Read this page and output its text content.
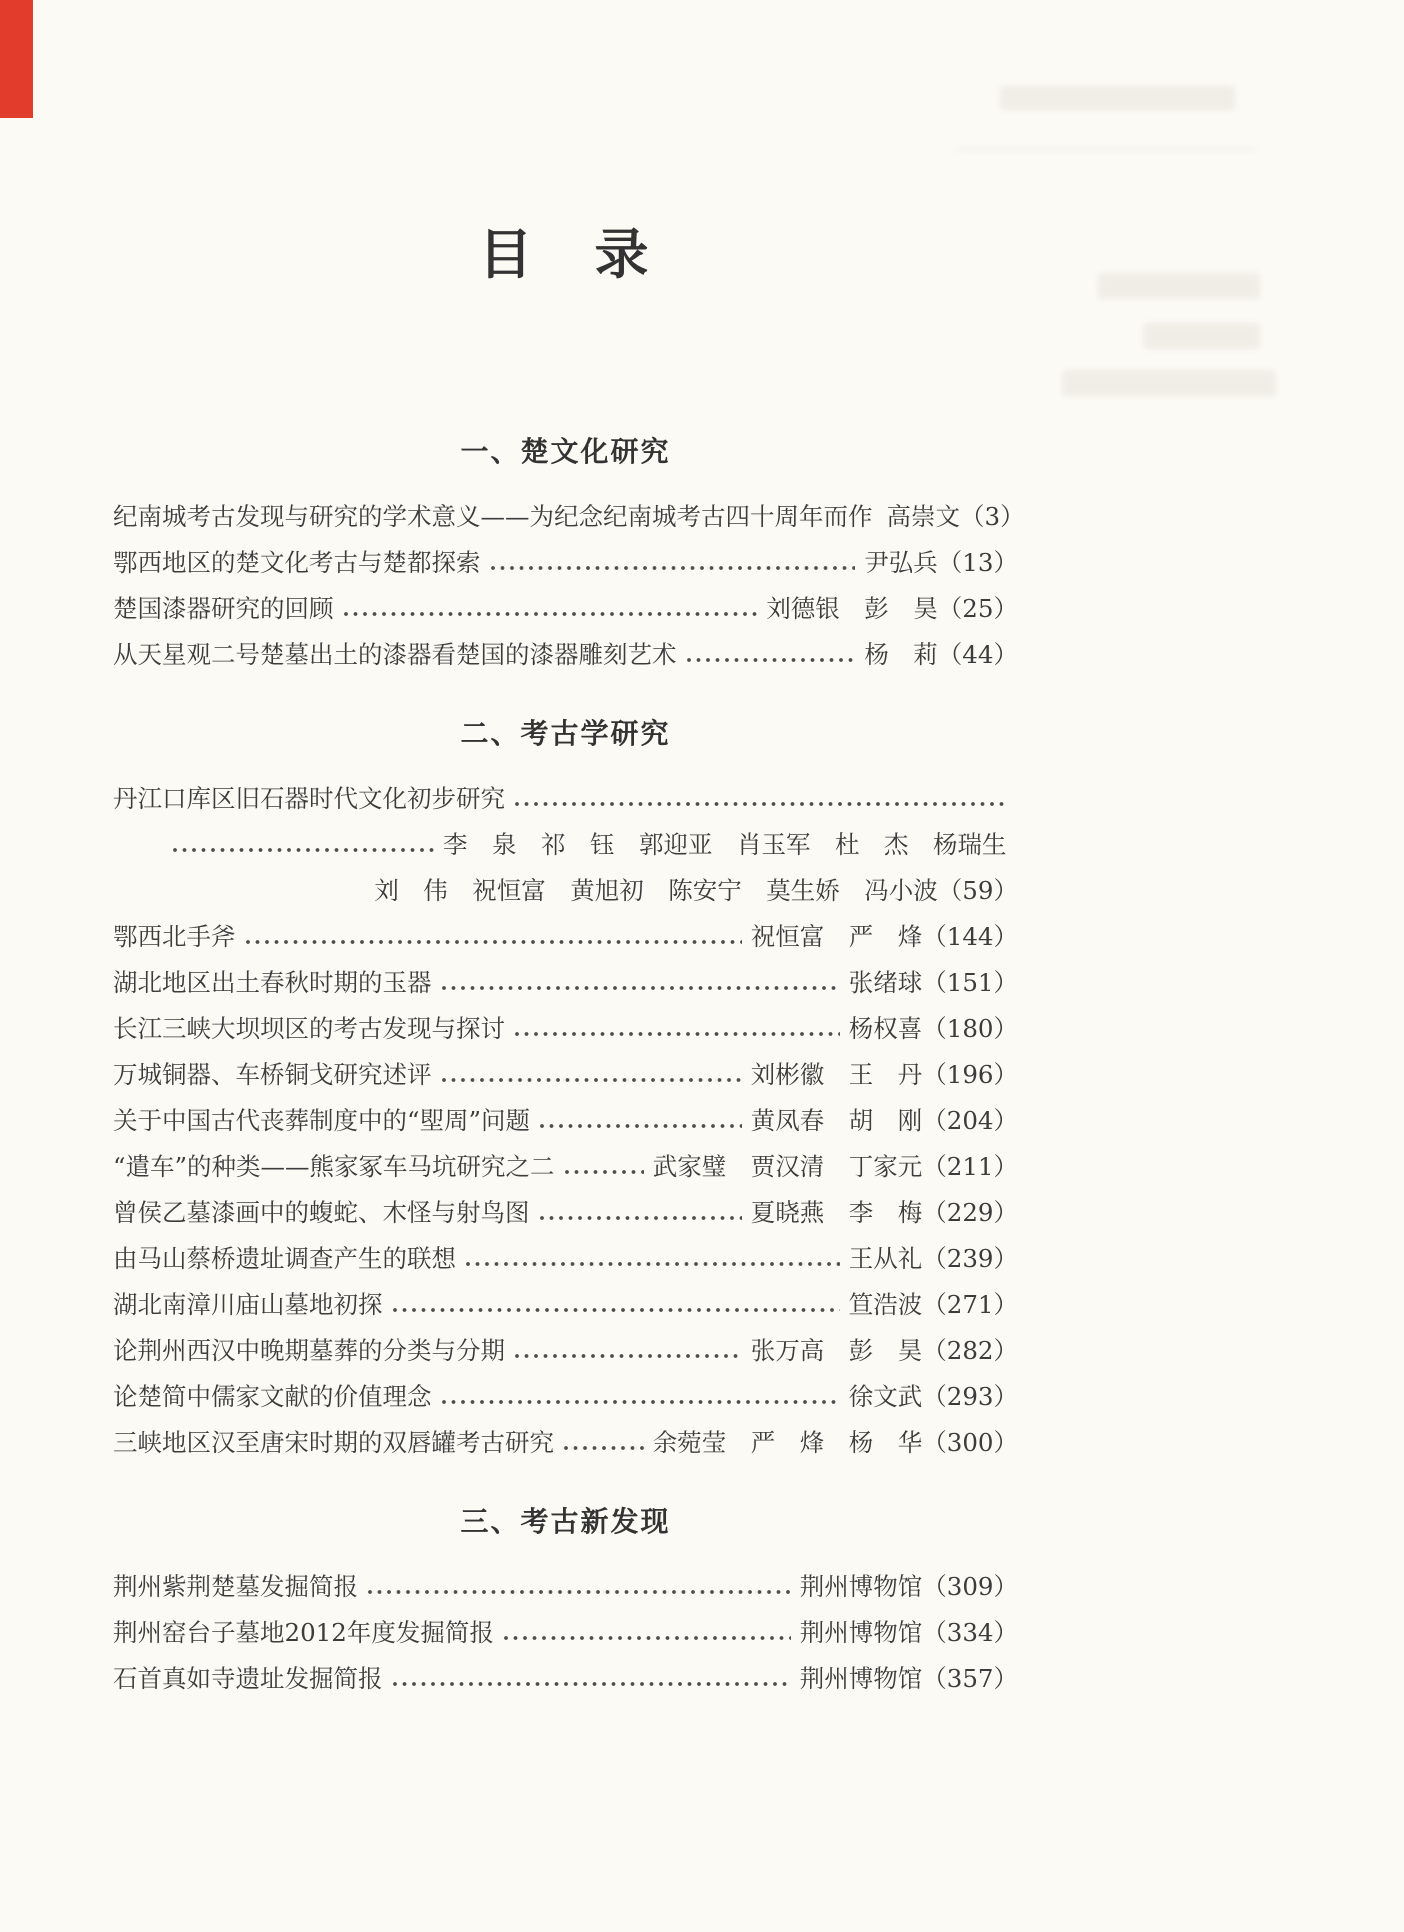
目　录
一、楚文化研究
纪南城考古发现与研究的学术意义——为纪念纪南城考古四十周年而作 高崇文（3）
鄂西地区的楚文化考古与楚都探索	尹弘兵（13）
楚国漆器研究的回顾	刘德银　彭　昊（25）
从天星观二号楚墓出土的漆器看楚国的漆器雕刻艺术	杨　莉（44）
二、考古学研究
丹江口库区旧石器时代文化初步研究
李　泉　祁　钰　郭迎亚　肖玉军　杜　杰　杨瑞生
刘　伟　祝恒富　黄旭初　陈安宁　莫生娇　冯小波（59）
鄂西北手斧	祝恒富　严　烽（144）
湖北地区出土春秋时期的玉器	张绪球（151）
长江三峡大坝坝区的考古发现与探讨	杨权喜（180）
万城铜器、车桥铜戈研究述评	刘彬徽　王　丹（196）
关于中国古代丧葬制度中的“堲周”问题	黄凤春　胡　刚（204）
“遣车”的种类——熊家冢车马坑研究之二	武家璧　贾汉清　丁家元（211）
曾侯乙墓漆画中的蝮蛇、木怪与射鸟图	夏晓燕　李　梅（229）
由马山蔡桥遗址调查产生的联想	王从礼（239）
湖北南漳川庙山墓地初探	笪浩波（271）
论荆州西汉中晚期墓葬的分类与分期	张万高　彭　昊（282）
论楚简中儒家文献的价值理念	徐文武（293）
三峡地区汉至唐宋时期的双唇罐考古研究	余菀莹　严　烽　杨　华（300）
三、考古新发现
荆州紫荆楚墓发掘简报	荆州博物馆（309）
荆州窑台子墓地2012年度发掘简报	荆州博物馆（334）
石首真如寺遗址发掘简报	荆州博物馆（357）
